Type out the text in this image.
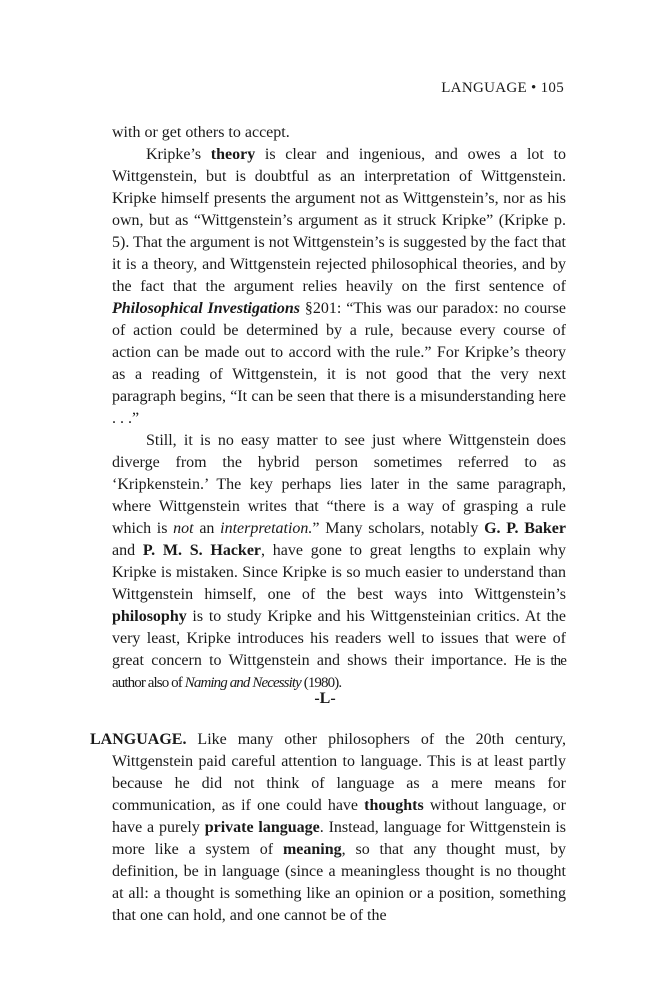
LANGUAGE • 105

with or get others to accept.

Kripke’s theory is clear and ingenious, and owes a lot to Wittgenstein, but is doubtful as an interpretation of Wittgenstein. Kripke himself presents the argument not as Wittgenstein’s, nor as his own, but as “Wittgenstein’s argument as it struck Kripke” (Kripke p. 5). That the argument is not Wittgenstein’s is suggested by the fact that it is a theory, and Wittgenstein rejected philosophical theories, and by the fact that the argument relies heavily on the first sentence of Philosophical Investigations §201: “This was our paradox: no course of action could be determined by a rule, because every course of action can be made out to accord with the rule.” For Kripke’s theory as a reading of Wittgenstein, it is not good that the very next paragraph begins, “It can be seen that there is a misunderstanding here . . .”

Still, it is no easy matter to see just where Wittgenstein does diverge from the hybrid person sometimes referred to as ‘Kripkenstein.’ The key perhaps lies later in the same paragraph, where Wittgenstein writes that “there is a way of grasping a rule which is not an interpretation.” Many scholars, notably G. P. Baker and P. M. S. Hacker, have gone to great lengths to explain why Kripke is mistaken. Since Kripke is so much easier to understand than Wittgenstein himself, one of the best ways into Wittgenstein’s philosophy is to study Kripke and his Wittgensteinian critics. At the very least, Kripke introduces his readers well to issues that were of great concern to Wittgenstein and shows their importance. He is the author also of Naming and Necessity (1980).

-L-

LANGUAGE. Like many other philosophers of the 20th century, Wittgenstein paid careful attention to language. This is at least partly because he did not think of language as a mere means for communication, as if one could have thoughts without language, or have a purely private language. Instead, language for Wittgenstein is more like a system of meaning, so that any thought must, by definition, be in language (since a meaningless thought is no thought at all: a thought is something like an opinion or a position, something that one can hold, and one cannot be of the
